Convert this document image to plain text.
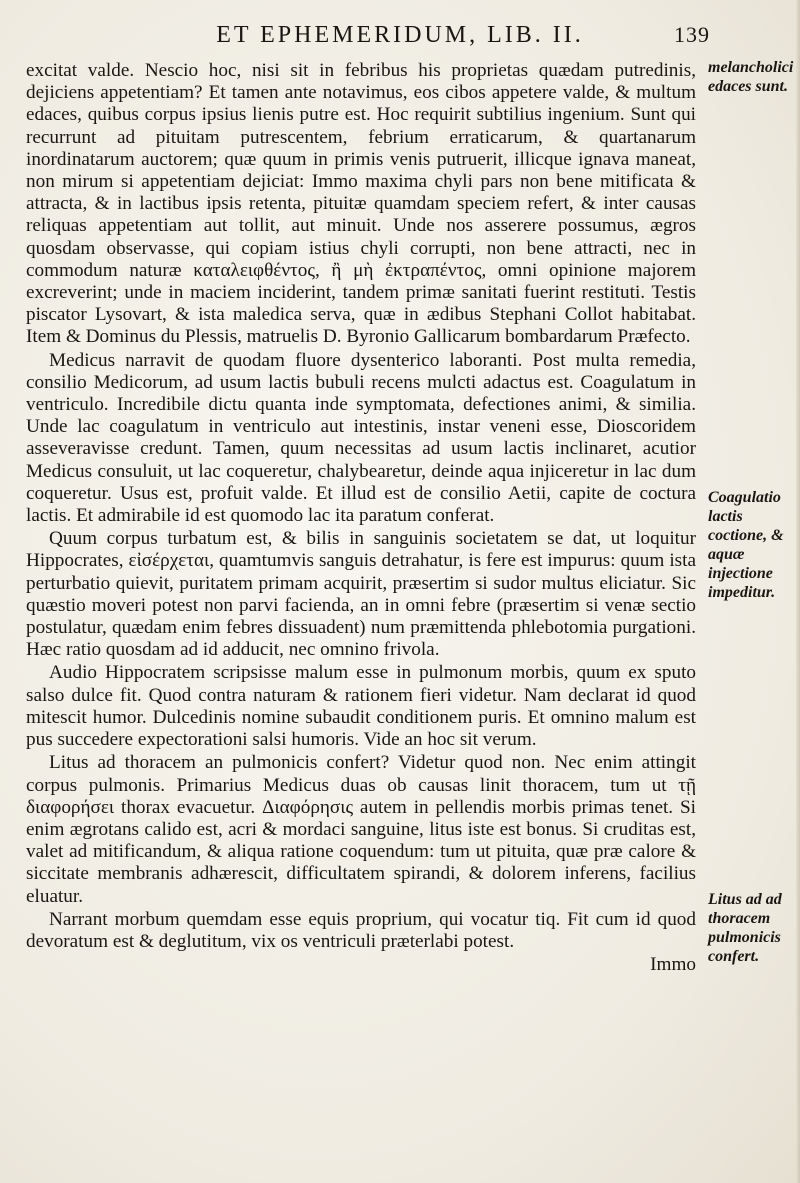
ET EPHEMERIDUM, LIB. II.	139

excitat valde. Nescio hoc, nisi sit in febribus his proprietas quædam putredinis, dejiciens appetentiam? Et tamen ante notavimus, eos cibos appetere valde, & multum edaces, quibus corpus ipsius lienis putre est. Hoc requirit subtilius ingenium. Sunt qui recurrunt ad pituitam putrescentem, febrium erraticarum, & quartanarum inordinatarum auctorem; quæ quum in primis venis putruerit, illicque ignava maneat, non mirum si appetentiam dejiciat: Immo maxima chyli pars non bene mitificata & attracta, & in lactibus ipsis retenta, pituitæ quamdam speciem refert, & inter causas reliquas appetentiam aut tollit, aut minuit. Unde nos asserere possumus, ægros quosdam observasse, qui copiam istius chyli corrupti, non bene attracti, nec in commodum naturæ καταλειφθέντος, ἢ μὴ ἐκτραπέντος, omni opinione majorem excreverint; unde in maciem inciderint, tandem primæ sanitati fuerint restituti. Testis piscator Lysovart, & ista maledica serva, quæ in ædibus Stephani Collot habitabat. Item & Dominus du Plessis, matruelis D. Byronio Gallicarum bombardarum Præfecto.

Medicus narravit de quodam fluore dysenterico laboranti. Post multa remedia, consilio Medicorum, ad usum lactis bubuli recens mulcti adactus est. Coagulatum in ventriculo. Incredibile dictu quanta inde symptomata, defectiones animi, & similia. Unde lac coagulatum in ventriculo aut intestinis, instar veneni esse, Dioscoridem asseveravisse credunt. Tamen, quum necessitas ad usum lactis inclinaret, acutior Medicus consuluit, ut lac coqueretur, chalybearetur, deinde aqua injiceretur in lac dum coqueretur. Usus est, profuit valde. Et illud est de consilio Aetii, capite de coctura lactis. Et admirabile id est quomodo lac ita paratum conferat.

Quum corpus turbatum est, & bilis in sanguinis societatem se dat, ut loquitur Hippocrates, εἰσέρχεται, quamtumvis sanguis detrahatur, is fere est impurus: quum ista perturbatio quievit, puritatem primam acquirit, præsertim si sudor multus eliciatur. Sic quæstio moveri potest non parvi facienda, an in omni febre (præsertim si venæ sectio postulatur, quædam enim febres dissuadent) num præmittenda phlebotomia purgationi. Hæc ratio quosdam ad id adducit, nec omnino frivola.

Audio Hippocratem scripsisse malum esse in pulmonum morbis, quum ex sputo salso dulce fit. Quod contra naturam & rationem fieri videtur. Nam declarat id quod mitescit humor. Dulcedinis nomine subaudit conditionem puris. Et omnino malum est pus succedere expectorationi salsi humoris. Vide an hoc sit verum.

Litus ad thoracem an pulmonicis confert? Videtur quod non. Nec enim attingit corpus pulmonis. Primarius Medicus duas ob causas linit thoracem, tum ut τῇ διαφορήσει thorax evacuetur. Διαφόρησις autem in pellendis morbis primas tenet. Si enim ægrotans calido est, acri & mordaci sanguine, litus iste est bonus. Si cruditas est, valet ad mitificandum, & aliqua ratione coquendum: tum ut pituita, quæ præ calore & siccitate membranis adhærescit, difficultatem spirandi, & dolorem inferens, facilius eluatur.

Narrant morbum quemdam esse equis proprium, qui vocatur tiq. Fit cum id quod devoratum est & deglutitum, vix os ventriculi præterlabi potest.

Immo

melancholici edaces sunt.
Coagulatio lactis coctione, & aquæ injectione impeditur.
Litus ad ad thoracem pulmonicis confert.
